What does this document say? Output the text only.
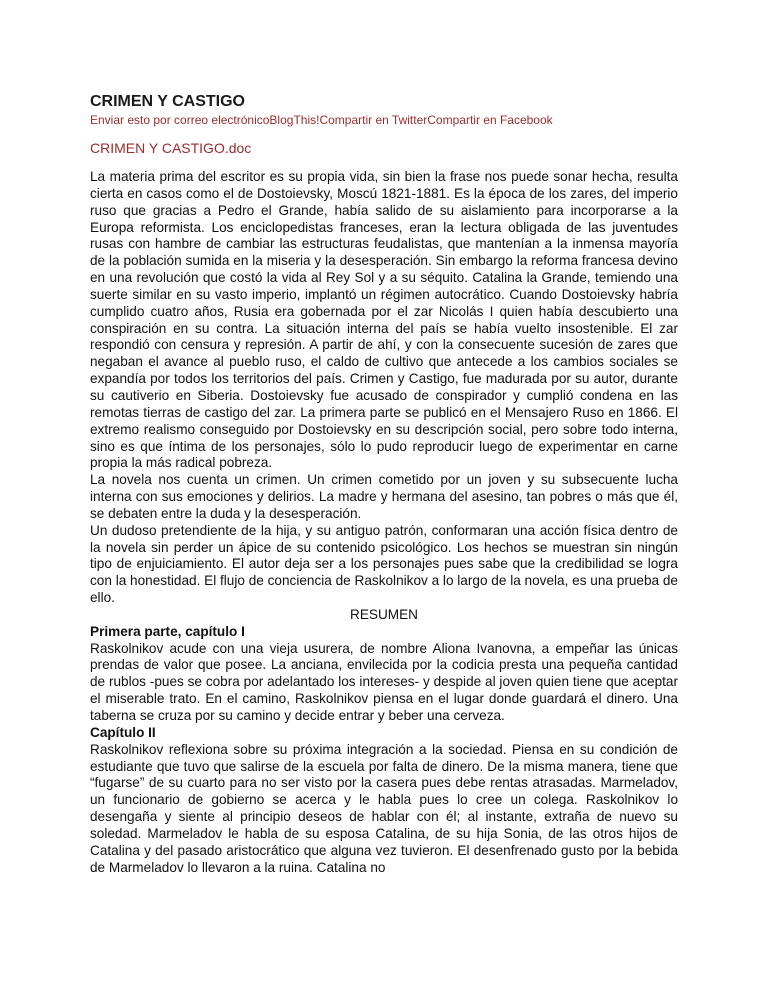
CRIMEN Y CASTIGO
Enviar esto por correo electrónicoBlogThis!Compartir en TwitterCompartir en Facebook
CRIMEN Y CASTIGO.doc

La materia prima del escritor es su propia vida, sin bien la frase nos puede sonar hecha, resulta cierta en casos como el de Dostoievsky, Moscú 1821-1881. Es la época de los zares, del imperio ruso que gracias a Pedro el Grande, había salido de su aislamiento para incorporarse a la Europa reformista. Los enciclopedistas franceses, eran la lectura obligada de las juventudes rusas con hambre de cambiar las estructuras feudalistas, que mantenían a la inmensa mayoría de la población sumida en la miseria y la desesperación. Sin embargo la reforma francesa devino en una revolución que costó la vida al Rey Sol y a su séquito. Catalina la Grande, temiendo una suerte similar en su vasto imperio, implantó un régimen autocrático. Cuando Dostoievsky habría cumplido cuatro años, Rusia era gobernada por el zar Nicolás I quien había descubierto una conspiración en su contra. La situación interna del país se había vuelto insostenible. El zar respondió con censura y represión. A partir de ahí, y con la consecuente sucesión de zares que negaban el avance al pueblo ruso, el caldo de cultivo que antecede a los cambios sociales se expandía por todos los territorios del país. Crimen y Castigo, fue madurada por su autor, durante su cautiverio en Siberia. Dostoievsky fue acusado de conspirador y cumplió condena en las remotas tierras de castigo del zar. La primera parte se publicó en el Mensajero Ruso en 1866. El extremo realismo conseguido por Dostoievsky en su descripción social, pero sobre todo interna, sino es que íntima de los personajes, sólo lo pudo reproducir luego de experimentar en carne propia la más radical pobreza.

La novela nos cuenta un crimen. Un crimen cometido por un joven y su subsecuente lucha interna con sus emociones y delirios. La madre y hermana del asesino, tan pobres o más que él, se debaten entre la duda y la desesperación.

Un dudoso pretendiente de la hija, y su antiguo patrón, conformaran una acción física dentro de la novela sin perder un ápice de su contenido psicológico. Los hechos se muestran sin ningún tipo de enjuiciamiento. El autor deja ser a los personajes pues sabe que la credibilidad se logra con la honestidad. El flujo de conciencia de Raskolnikov a lo largo de la novela, es una prueba de ello.

RESUMEN

Primera parte, capítulo I

Raskolnikov acude con una vieja usurera, de nombre Aliona Ivanovna, a empeñar las únicas prendas de valor que posee. La anciana, envilecida por la codicia presta una pequeña cantidad de rublos -pues se cobra por adelantado los intereses- y despide al joven quien tiene que aceptar el miserable trato. En el camino, Raskolnikov piensa en el lugar donde guardará el dinero. Una taberna se cruza por su camino y decide entrar y beber una cerveza.

Capítulo II

Raskolnikov reflexiona sobre su próxima integración a la sociedad. Piensa en su condición de estudiante que tuvo que salirse de la escuela por falta de dinero. De la misma manera, tiene que “fugarse” de su cuarto para no ser visto por la casera pues debe rentas atrasadas. Marmeladov, un funcionario de gobierno se acerca y le habla pues lo cree un colega. Raskolnikov lo desengaña y siente al principio deseos de hablar con él; al instante, extraña de nuevo su soledad. Marmeladov le habla de su esposa Catalina, de su hija Sonia, de las otros hijos de Catalina y del pasado aristocrático que alguna vez tuvieron. El desenfrenado gusto por la bebida de Marmeladov lo llevaron a la ruina. Catalina no
